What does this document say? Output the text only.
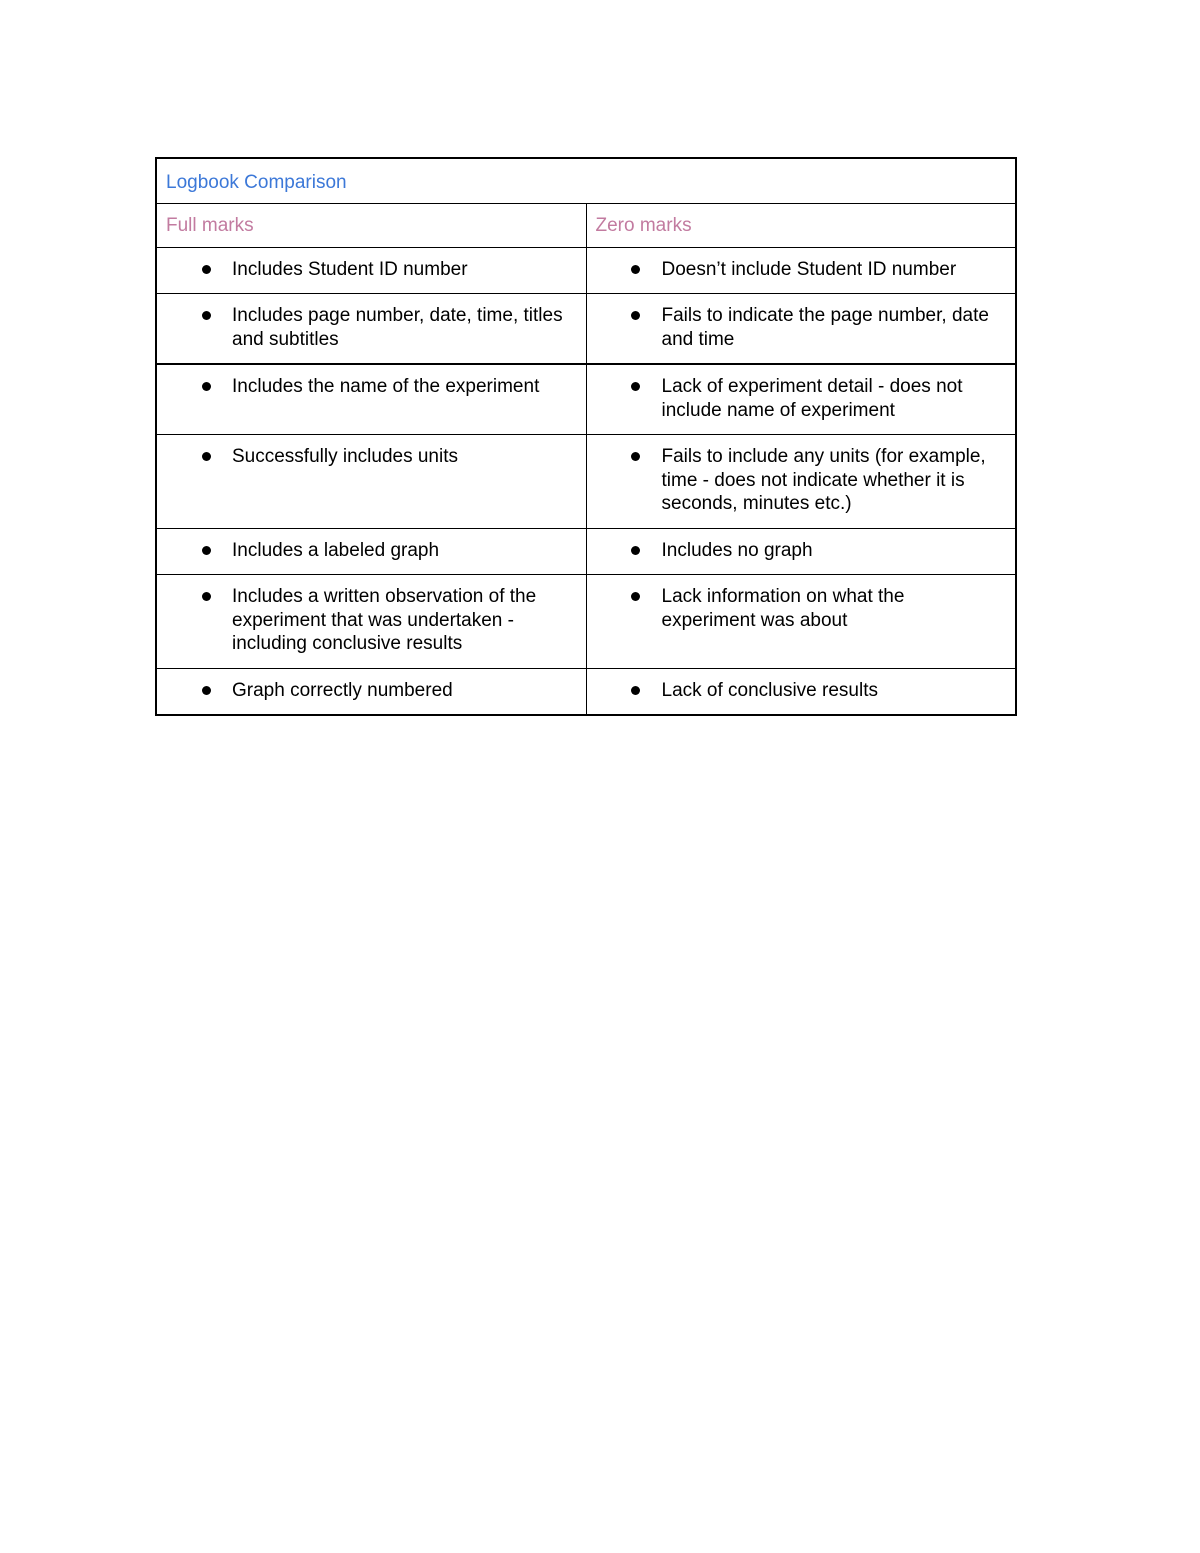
Logbook Comparison	
Full marks	Zero marks

Includes Student ID number	Doesn’t include Student ID number

Includes page number, date, time, titles and subtitles	Fails to indicate the page number, date and time

Includes the name of the experiment	Lack of experiment detail - does not include name of experiment

Successfully includes units	Fails to include any units (for example, time - does not indicate whether it is seconds, minutes etc.)

Includes a labeled graph	Includes no graph

Includes a written observation of the experiment that was undertaken - including conclusive results	Lack information on what the experiment was about

Graph correctly numbered	Lack of conclusive results
